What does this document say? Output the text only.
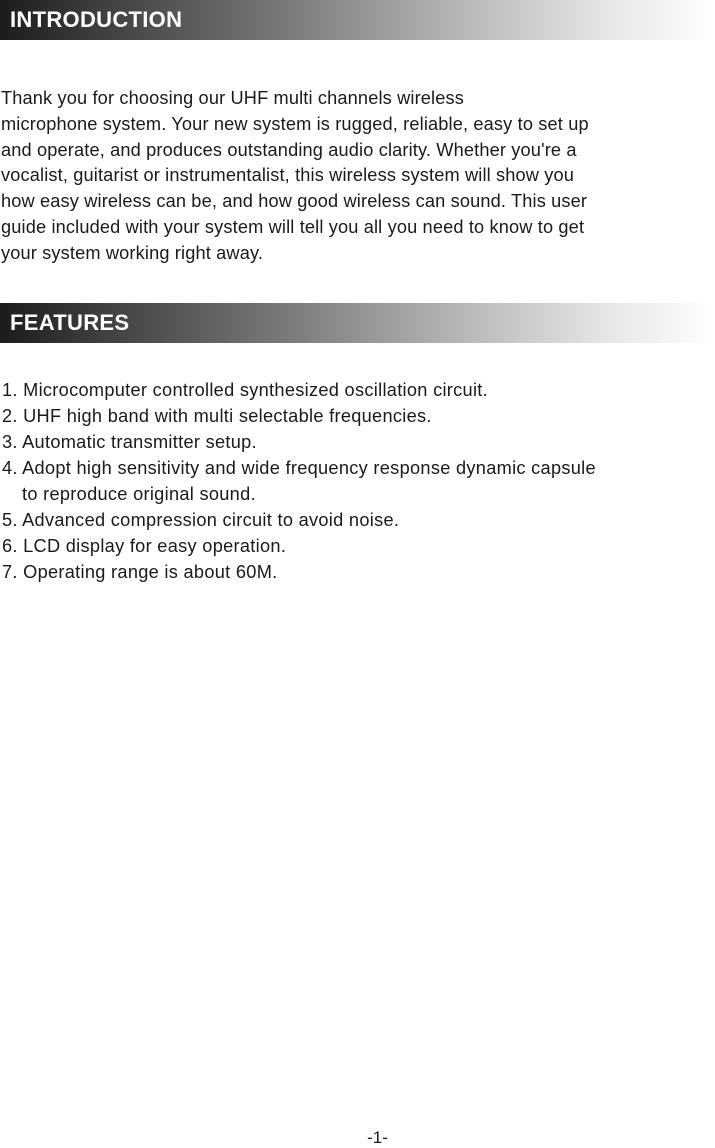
INTRODUCTION
Thank you for choosing our UHF multi channels wireless
microphone system. Your new system is rugged, reliable, easy to set up
and operate, and produces outstanding audio clarity. Whether you're a
vocalist, guitarist or instrumentalist, this wireless system will show you
how easy wireless can be, and how good wireless can sound. This user
guide included with your system will tell you all you need to know to get
your system working right away.
FEATURES
1. Microcomputer controlled synthesized oscillation circuit.
2. UHF high band with multi selectable frequencies.
3. Automatic transmitter setup.
4. Adopt high sensitivity and wide frequency response dynamic capsule
to reproduce original sound.
5. Advanced compression circuit to avoid noise.
6. LCD display for easy operation.
7. Operating range is about 60M.
-1-
